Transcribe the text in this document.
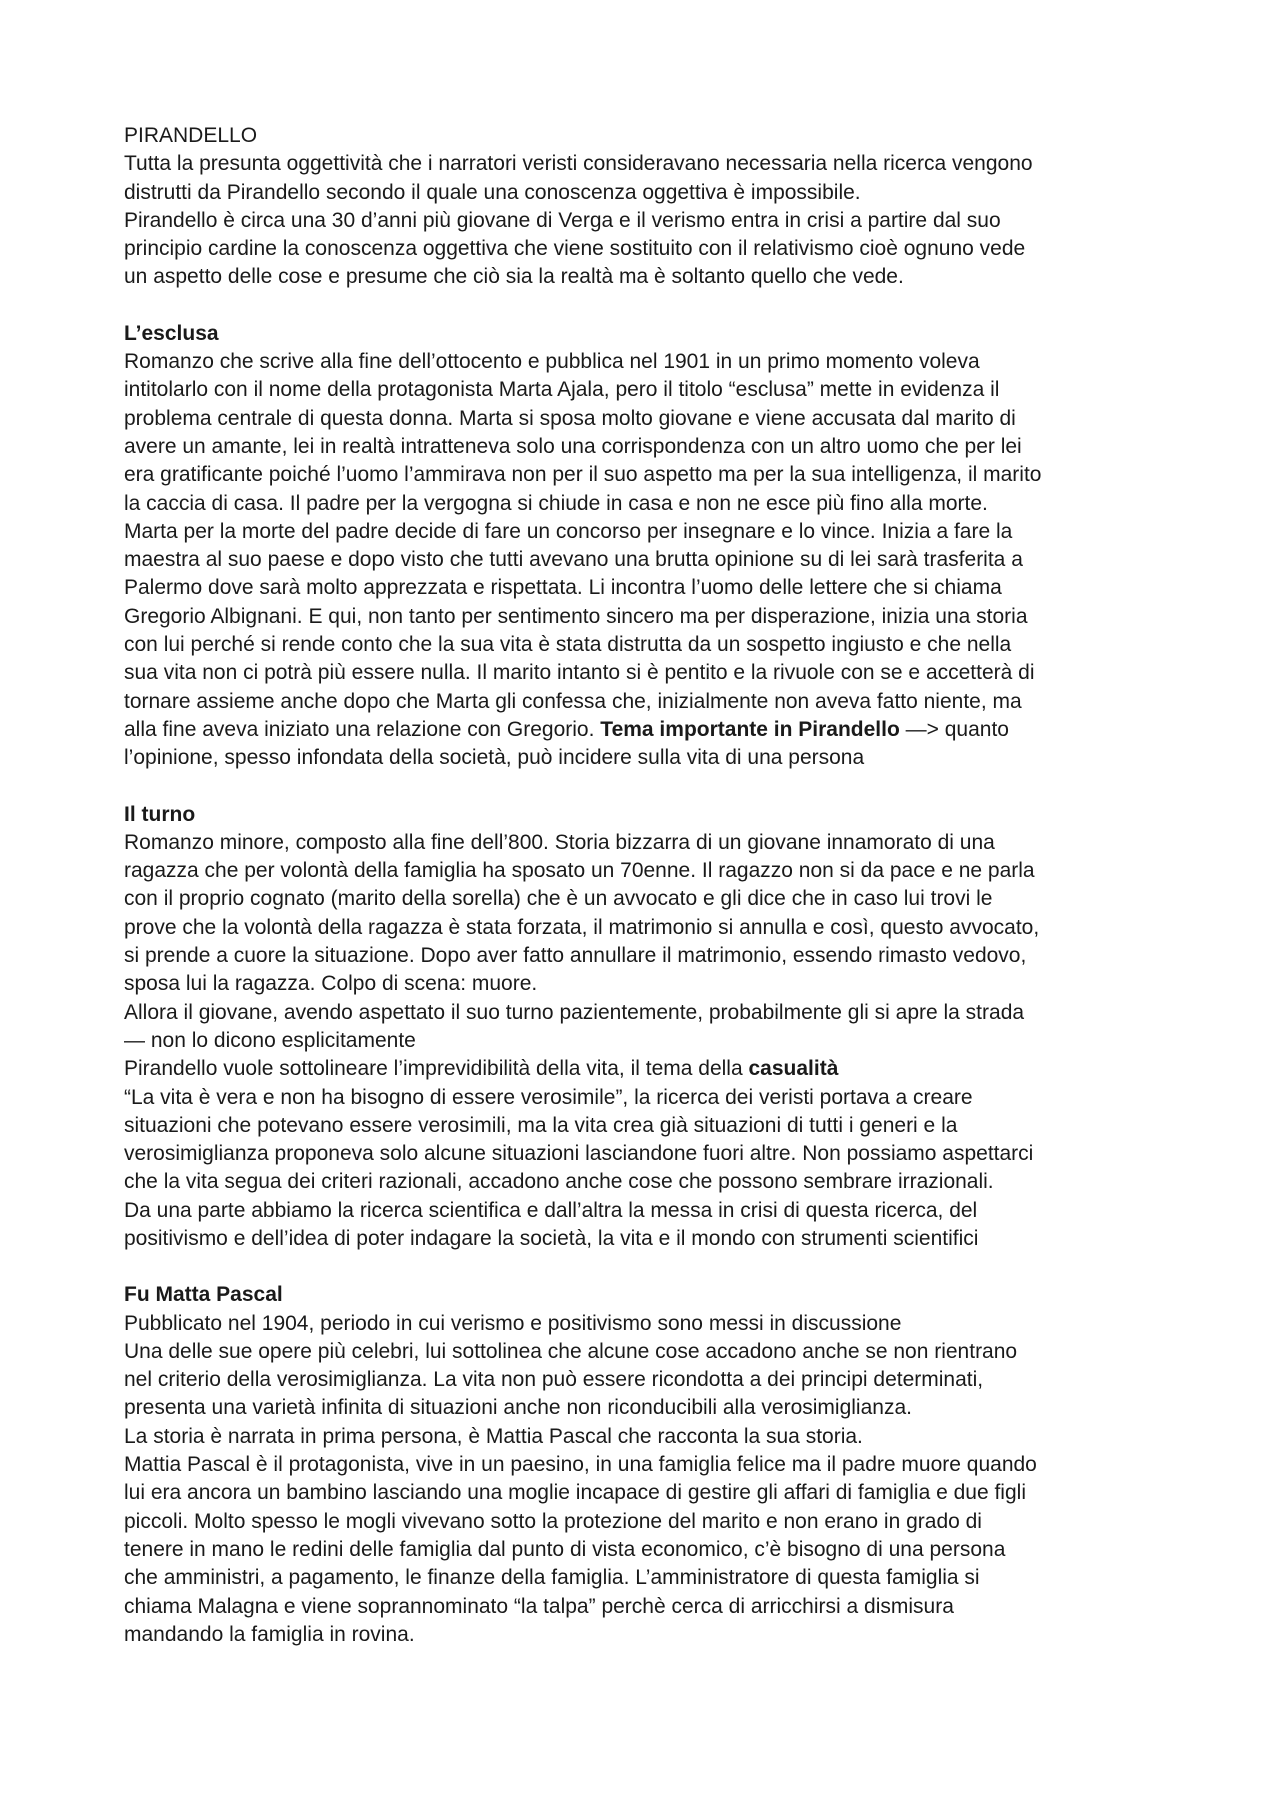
PIRANDELLO
Tutta la presunta oggettività che i narratori veristi consideravano necessaria nella ricerca vengono
distrutti da Pirandello secondo il quale una conoscenza oggettiva è impossibile.
Pirandello è circa una 30 d’anni più giovane di Verga e il verismo entra in crisi a partire dal suo
principio cardine la conoscenza oggettiva che viene sostituito con il relativismo cioè ognuno vede
un aspetto delle cose e presume che ciò sia la realtà ma è soltanto quello che vede.
L’esclusa
Romanzo che scrive alla fine dell’ottocento e pubblica nel 1901 in un primo momento voleva
intitolarlo con il nome della protagonista Marta Ajala, pero il titolo “esclusa” mette in evidenza il
problema centrale di questa donna. Marta si sposa molto giovane e viene accusata dal marito di
avere un amante, lei in realtà intratteneva solo una corrispondenza con un altro uomo che per lei
era gratificante poiché l’uomo l’ammirava non per il suo aspetto ma per la sua intelligenza, il marito
la caccia di casa. Il padre per la vergogna si chiude in casa e non ne esce più fino alla morte.
Marta per la morte del padre decide di fare un concorso per insegnare e lo vince. Inizia a fare la
maestra al suo paese e dopo visto che tutti avevano una brutta opinione su di lei sarà trasferita a
Palermo dove sarà molto apprezzata e rispettata. Li incontra l’uomo delle lettere che si chiama
Gregorio Albignani. E qui, non tanto per sentimento sincero ma per disperazione, inizia una storia
con lui perché si rende conto che la sua vita è stata distrutta da un sospetto ingiusto e che nella
sua vita non ci potrà più essere nulla. Il marito intanto si è pentito e la rivuole con se e accetterà di
tornare assieme anche dopo che Marta gli confessa che, inizialmente non aveva fatto niente, ma
alla fine aveva iniziato una relazione con Gregorio. Tema importante in Pirandello —> quanto
l’opinione, spesso infondata della società, può incidere sulla vita di una persona
Il turno
Romanzo minore, composto alla fine dell’800. Storia bizzarra di un giovane innamorato di una
ragazza che per volontà della famiglia ha sposato un 70enne. Il ragazzo non si da pace e ne parla
con il proprio cognato (marito della sorella) che è un avvocato e gli dice che in caso lui trovi le
prove che la volontà della ragazza è stata forzata, il matrimonio si annulla e così, questo avvocato,
si prende a cuore la situazione. Dopo aver fatto annullare il matrimonio, essendo rimasto vedovo,
sposa lui la ragazza. Colpo di scena: muore.
Allora il giovane, avendo aspettato il suo turno pazientemente, probabilmente gli si apre la strada
— non lo dicono esplicitamente
Pirandello vuole sottolineare l’imprevidibilità della vita, il tema della casualità
“La vita è vera e non ha bisogno di essere verosimile”, la ricerca dei veristi portava a creare
situazioni che potevano essere verosimili, ma la vita crea già situazioni di tutti i generi e la
verosimiglianza proponeva solo alcune situazioni lasciandone fuori altre. Non possiamo aspettarci
che la vita segua dei criteri razionali, accadono anche cose che possono sembrare irrazionali.
Da una parte abbiamo la ricerca scientifica e dall’altra la messa in crisi di questa ricerca, del
positivismo e dell’idea di poter indagare la società, la vita e il mondo con strumenti scientifici
Fu Matta Pascal
Pubblicato nel 1904, periodo in cui verismo e positivismo sono messi in discussione
Una delle sue opere più celebri, lui sottolinea che alcune cose accadono anche se non rientrano
nel criterio della verosimiglianza. La vita non può essere ricondotta a dei principi determinati,
presenta una varietà infinita di situazioni anche non riconducibili alla verosimiglianza.
La storia è narrata in prima persona, è Mattia Pascal che racconta la sua storia.
Mattia Pascal è il protagonista, vive in un paesino, in una famiglia felice ma il padre muore quando
lui era ancora un bambino lasciando una moglie incapace di gestire gli affari di famiglia e due figli
piccoli. Molto spesso le mogli vivevano sotto la protezione del marito e non erano in grado di
tenere in mano le redini delle famiglia dal punto di vista economico, c’è bisogno di una persona
che amministri, a pagamento, le finanze della famiglia. L’amministratore di questa famiglia si
chiama Malagna e viene soprannominato “la talpa” perchè cerca di arricchirsi a dismisura
mandando la famiglia in rovina.
